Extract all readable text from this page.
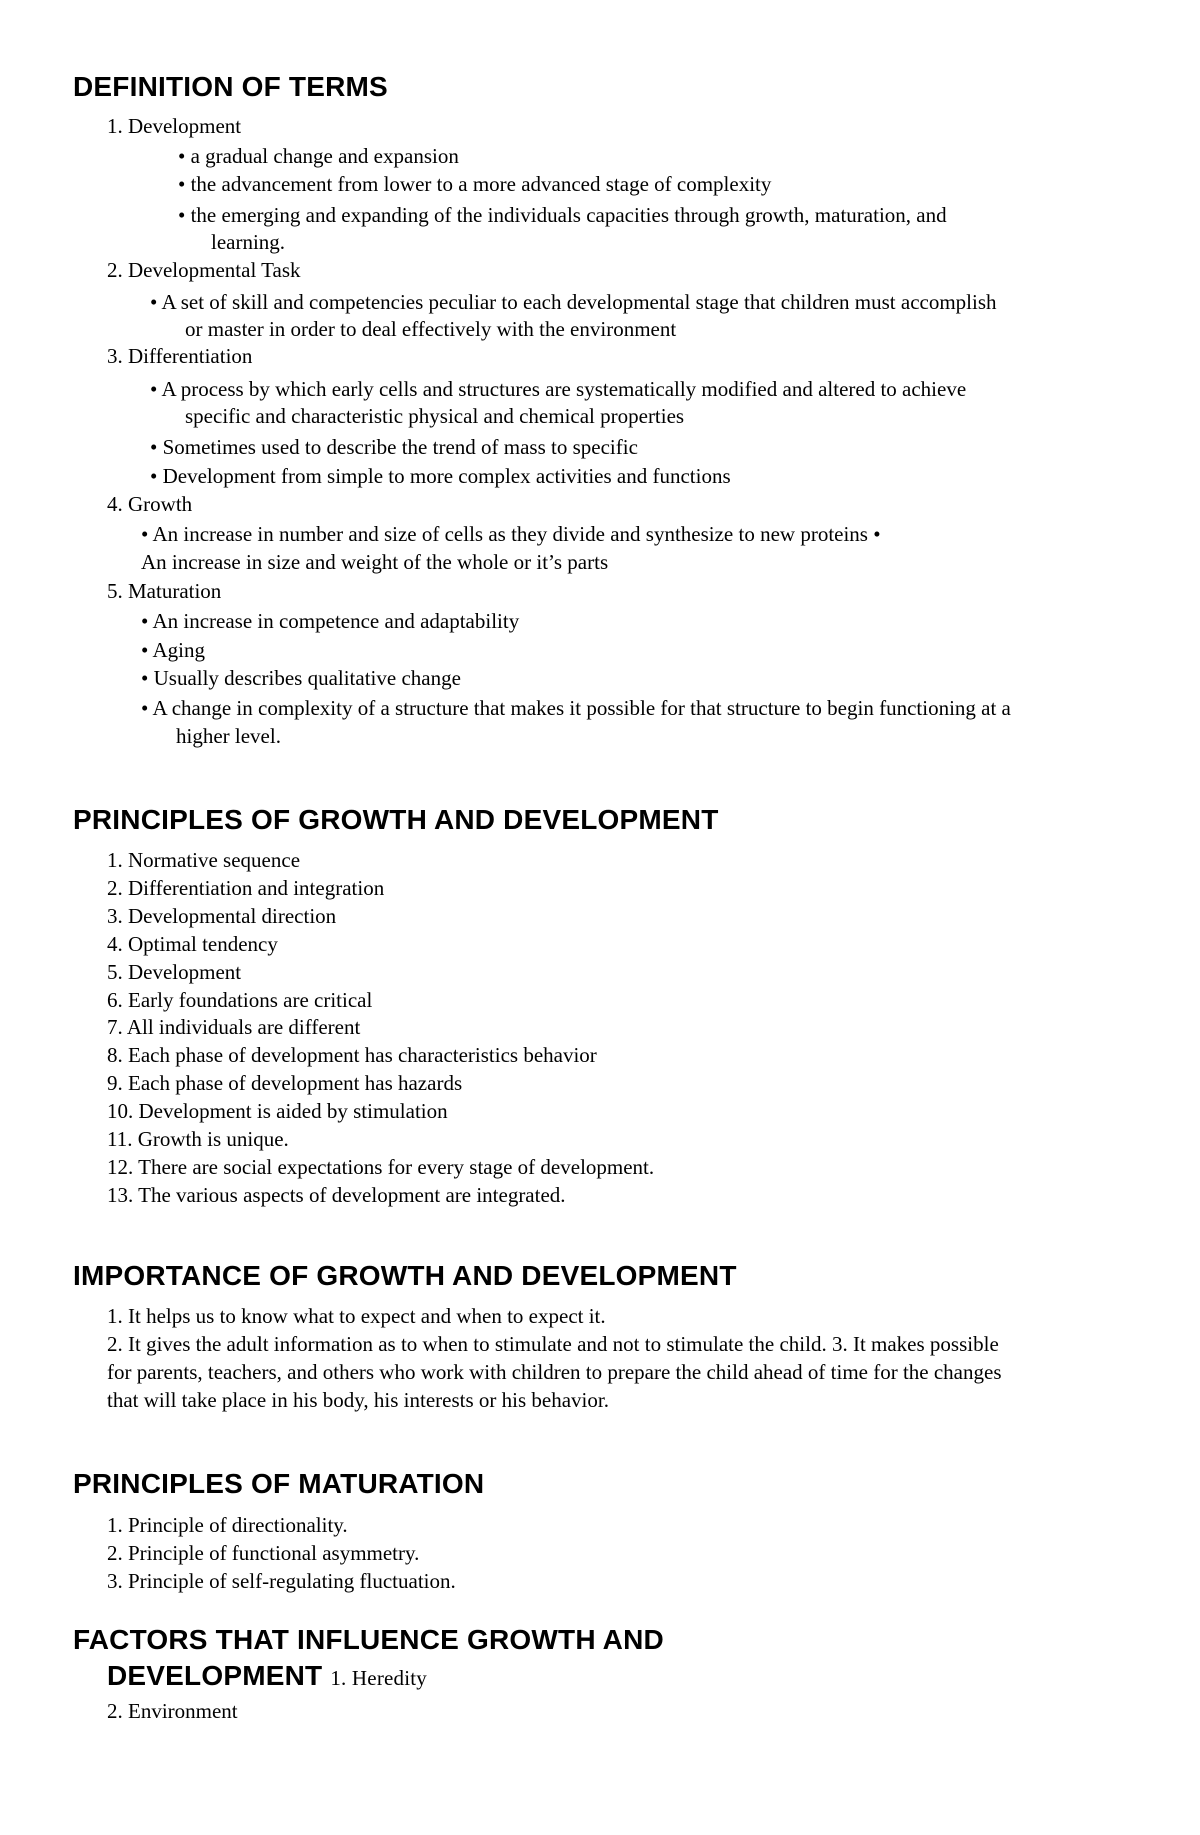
DEFINITION OF TERMS
1. Development
• a gradual change and expansion
• the advancement from lower to a more advanced stage of complexity
• the emerging and expanding of the individuals capacities through growth, maturation, and
learning.
2. Developmental Task
• A set of skill and competencies peculiar to each developmental stage that children must accomplish
or master in order to deal effectively with the environment
3. Differentiation
• A process by which early cells and structures are systematically modified and altered to achieve
specific and characteristic physical and chemical properties
• Sometimes used to describe the trend of mass to specific
• Development from simple to more complex activities and functions
4. Growth
• An increase in number and size of cells as they divide and synthesize to new proteins •
An increase in size and weight of the whole or it’s parts
5. Maturation
• An increase in competence and adaptability
• Aging
• Usually describes qualitative change
• A change in complexity of a structure that makes it possible for that structure to begin functioning at a
higher level.
PRINCIPLES OF GROWTH AND DEVELOPMENT
1. Normative sequence
2. Differentiation and integration
3. Developmental direction
4. Optimal tendency
5. Development
6. Early foundations are critical
7. All individuals are different
8. Each phase of development has characteristics behavior
9. Each phase of development has hazards
10. Development is aided by stimulation
11. Growth is unique.
12. There are social expectations for every stage of development.
13. The various aspects of development are integrated.
IMPORTANCE OF GROWTH AND DEVELOPMENT
1. It helps us to know what to expect and when to expect it.
2. It gives the adult information as to when to stimulate and not to stimulate the child. 3. It makes possible
for parents, teachers, and others who work with children to prepare the child ahead of time for the changes
that will take place in his body, his interests or his behavior.
PRINCIPLES OF MATURATION
1. Principle of directionality.
2. Principle of functional asymmetry.
3. Principle of self-regulating fluctuation.
FACTORS THAT INFLUENCE GROWTH AND
DEVELOPMENT 1. Heredity
2. Environment
